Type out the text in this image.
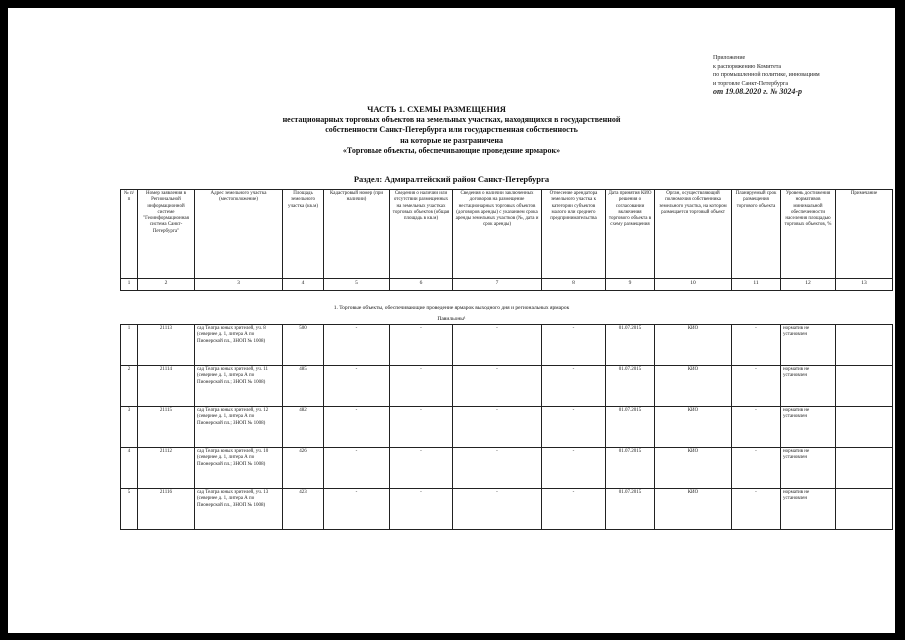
Приложение
к распоряжению Комитета
по промышленной политике, инновациям
и торговле Санкт-Петербурга
от 19.08.2020 г. № 3024-р
ЧАСТЬ 1. СХЕМЫ РАЗМЕЩЕНИЯ
нестационарных торговых объектов на земельных участках, находящихся в государственной
собственности Санкт-Петербурга или государственная собственность
на которые не разграничена
«Торговые объекты, обеспечивающие проведение ярмарок»
Раздел: Адмиралтейский район Санкт-Петербурга
№ п/п	Номер заявления в Региональной информационной системе "Геоинформационная система Санкт-Петербурга"	Адрес земельного участка (местоположение)	Площадь земельного участка (кв.м)	Кадастровый номер (при наличии)	Сведения о наличии или отсутствии размещенных на земельных участках торговых объектов (общая площадь в кв.м)	Сведения о наличии заключенных договоров на размещение нестационарных торговых объектов (договоров аренды) с указанием срока аренды земельных участков (№, дата и срок аренды)	Отнесение арендатора земельного участка к категории субъектов малого или среднего предпринимательства	Дата принятия КИО решения о согласовании включения торгового объекта в схему размещения	Орган, осуществляющий полномочия собственника земельного участка, на котором размещается торговый объект	Планируемый срок размещения торгового объекта	Уровень достижения нормативов минимальной обеспеченности населения площадью торговых объектов, %	Примечание
1	2	3	4	5	6	7	8	9	10	11	12	13
1. Торговые объекты, обеспечивающие проведение ярмарок выходного дня и региональных ярмарок
Павильоны¹
1	21113	сад Театра юных зрителей, уч. 8 (севернее д. 1, литера А по Пионерской пл., ЗНОП № 1008)	500	-	-	-	-	01.07.2015	КИО	-	норматив не установлен	
2	21114	сад Театра юных зрителей, уч. 11 (севернее д. 1, литера А по Пионерской пл.; ЗНОП № 1008)	485	-	-	-	-	01.07.2015	КИО	-	норматив не установлен	
3	21115	сад Театра юных зрителей, уч. 12 (севернее д. 1, литера А по Пионерской пл.; ЗНОП № 1008)	482	-	-	-	-	01.07.2015	КИО	-	норматив не установлен	
4	21112	сад Театра юных зрителей, уч. 10 (севернее д. 1, литера А по Пионерской пл.; ЗНОП № 1008)	426	-	-	-	-	01.07.2015	КИО	-	норматив не установлен	
5	21116	сад Театра юных зрителей, уч. 13 (севернее д. 1, литера А по Пионерской пл., ЗНОП № 1008)	423	-	-	-	-	01.07.2015	КИО	-	норматив не установлен	
